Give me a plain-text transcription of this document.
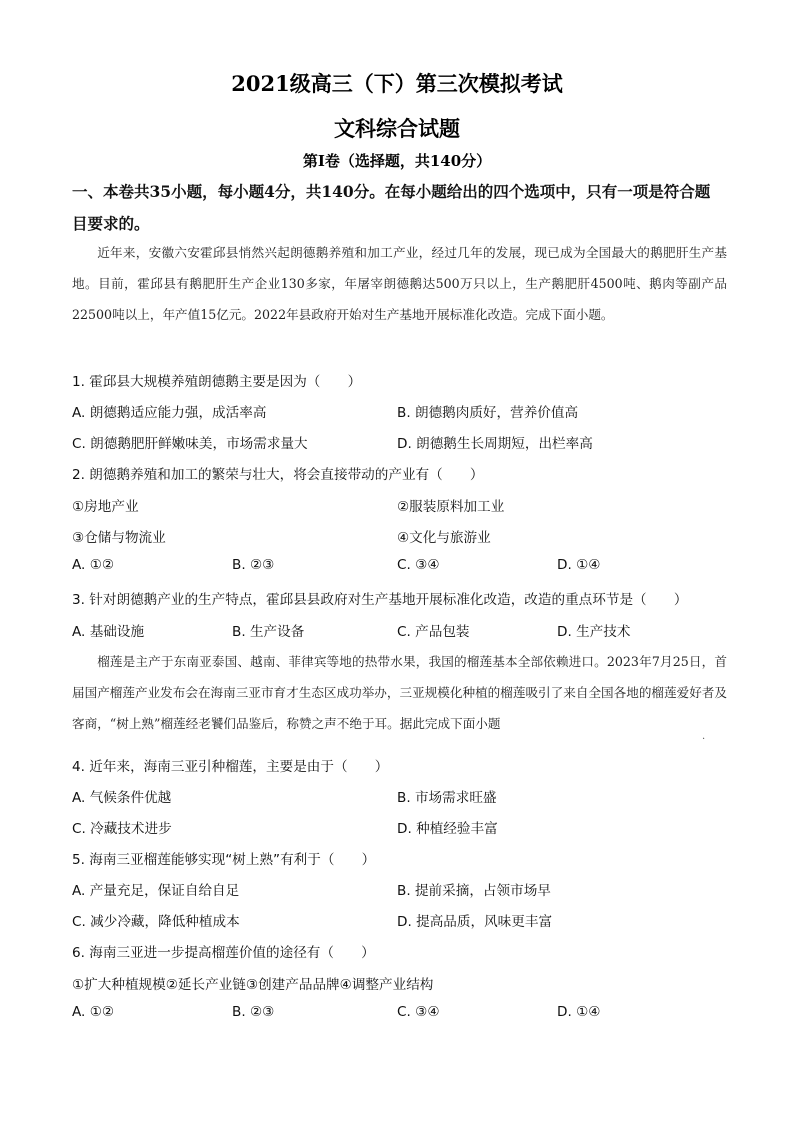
2021级高三（下）第三次模拟考试
文科综合试题
第Ⅰ卷（选择题，共140分）
一、本卷共35小题，每小题4分，共140分。在每小题给出的四个选项中，只有一项是符合题目要求的。
近年来，安徽六安霍邱县悄然兴起朗德鹅养殖和加工产业，经过几年的发展，现已成为全国最大的鹅肥肝生产基地。目前，霍邱县有鹅肥肝生产企业130多家，年屠宰朗德鹅达500万只以上，生产鹅肥肝4500吨、鹅肉等副产品22500吨以上，年产值15亿元。2022年县政府开始对生产基地开展标准化改造。完成下面小题。
1. 霍邱县大规模养殖朗德鹅主要是因为（　　）
A. 朗德鹅适应能力强，成活率高	B. 朗德鹅肉质好，营养价值高
C. 朗德鹅肥肝鲜嫩味美，市场需求量大	D. 朗德鹅生长周期短，出栏率高
2. 朗德鹅养殖和加工的繁荣与壮大，将会直接带动的产业有（　　）
①房地产业	②服装原料加工业
③仓储与物流业	④文化与旅游业
A. ①②	B. ②③	C. ③④	D. ①④
3. 针对朗德鹅产业的生产特点，霍邱县县政府对生产基地开展标准化改造，改造的重点环节是（　　）
A. 基础设施	B. 生产设备	C. 产品包装	D. 生产技术
榴莲是主产于东南亚泰国、越南、菲律宾等地的热带水果，我国的榴莲基本全部依赖进口。2023年7月25日，首届国产榴莲产业发布会在海南三亚市育才生态区成功举办，三亚规模化种植的榴莲吸引了来自全国各地的榴莲爱好者及客商，“树上熟”榴莲经老饕们品鉴后，称赞之声不绝于耳。据此完成下面小题
.
4. 近年来，海南三亚引种榴莲，主要是由于（　　）
A. 气候条件优越	B. 市场需求旺盛
C. 冷藏技术进步	D. 种植经验丰富
5. 海南三亚榴莲能够实现“树上熟”有利于（　　）
A. 产量充足，保证自给自足	B. 提前采摘，占领市场早
C. 减少冷藏，降低种植成本	D. 提高品质，风味更丰富
6. 海南三亚进一步提高榴莲价值的途径有（　　）
①扩大种植规模②延长产业链③创建产品品牌④调整产业结构
A. ①②	B. ②③	C. ③④	D. ①④
